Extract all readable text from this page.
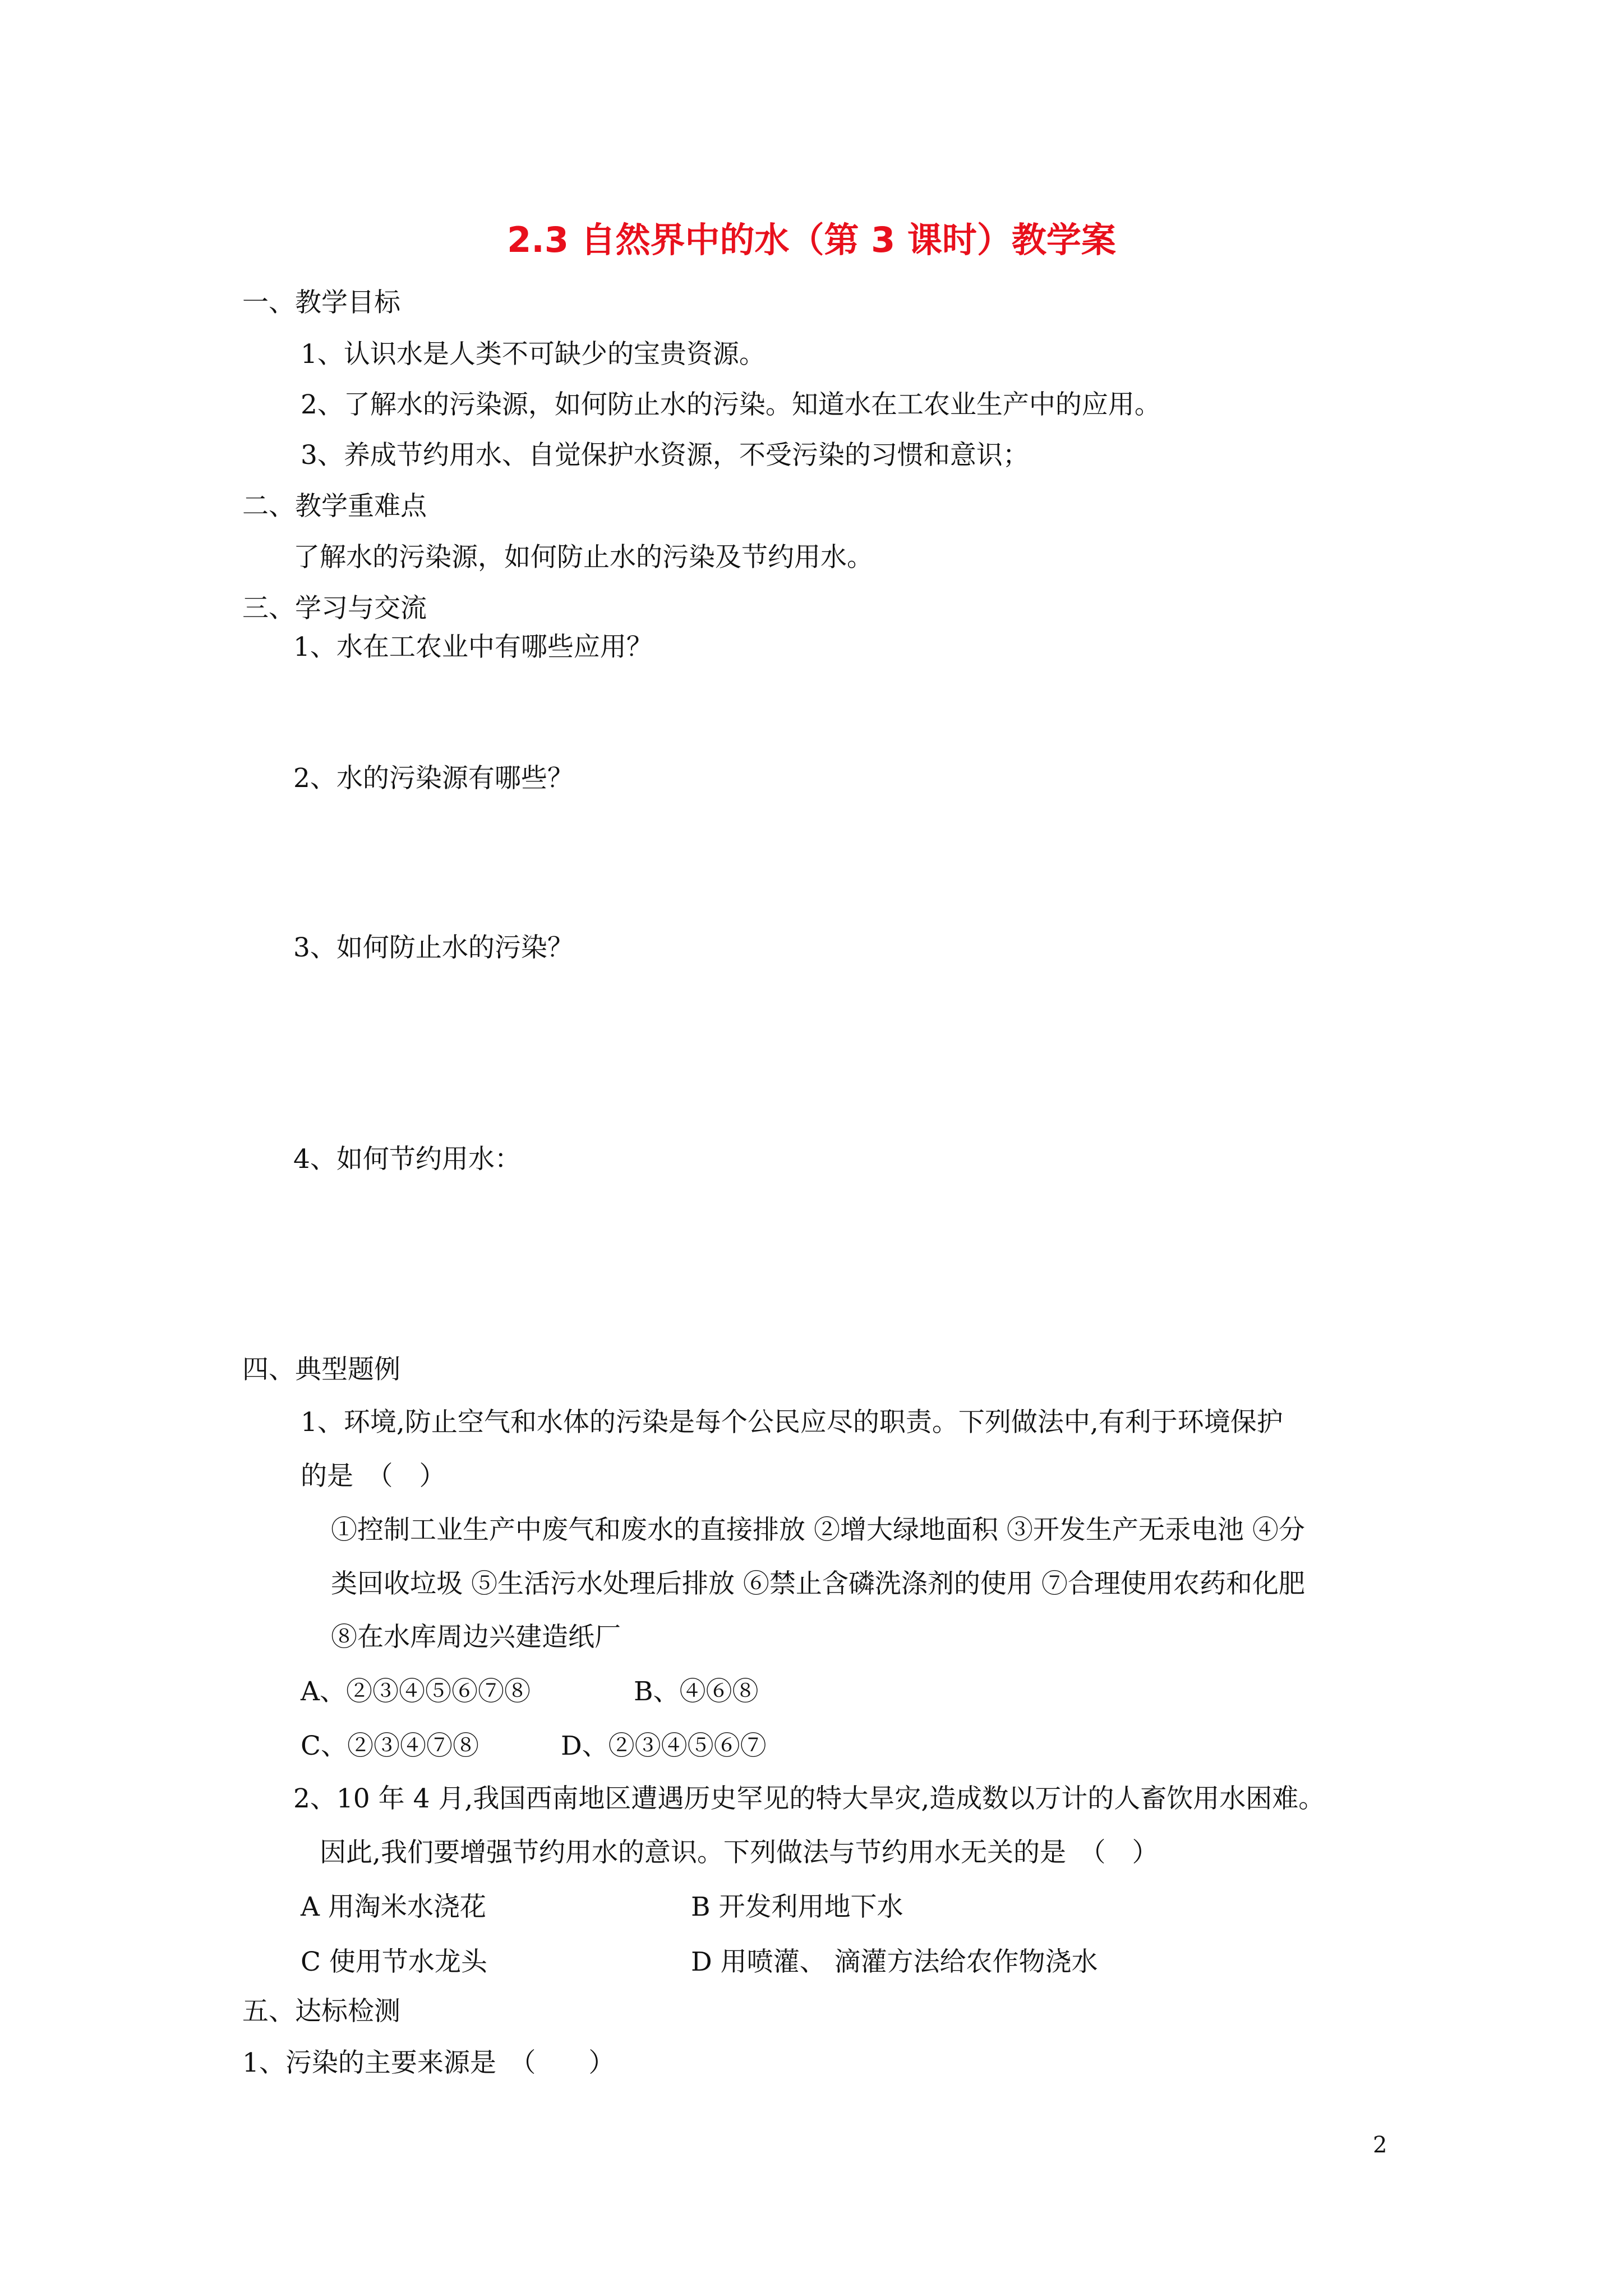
2.3 自然界中的水（第 3 课时）教学案
一、教学目标
1、认识水是人类不可缺少的宝贵资源。
2、了解水的污染源，如何防止水的污染。知道水在工农业生产中的应用。
3、养成节约用水、自觉保护水资源，不受污染的习惯和意识；
二、教学重难点
了解水的污染源，如何防止水的污染及节约用水。
三、学习与交流
1、水在工农业中有哪些应用？
2、水的污染源有哪些？
3、如何防止水的污染？
4、如何节约用水：
四、典型题例
1、环境,防止空气和水体的污染是每个公民应尽的职责。下列做法中,有利于环境保护
的是　（　）
①控制工业生产中废气和废水的直接排放 ②增大绿地面积 ③开发生产无汞电池 ④分
类回收垃圾 ⑤生活污水处理后排放 ⑥禁止含磷洗涤剂的使用 ⑦合理使用农药和化肥
⑧在水库周边兴建造纸厂
A、②③④⑤⑥⑦⑧	B、④⑥⑧
C、②③④⑦⑧	D、②③④⑤⑥⑦
2、10 年 4 月,我国西南地区遭遇历史罕见的特大旱灾,造成数以万计的人畜饮用水困难。
因此,我们要增强节约用水的意识。下列做法与节约用水无关的是　（　）
A 用淘米水浇花	B 开发利用地下水
C 使用节水龙头	D 用喷灌、 滴灌方法给农作物浇水
五、达标检测
1、污染的主要来源是　（　　）
2
